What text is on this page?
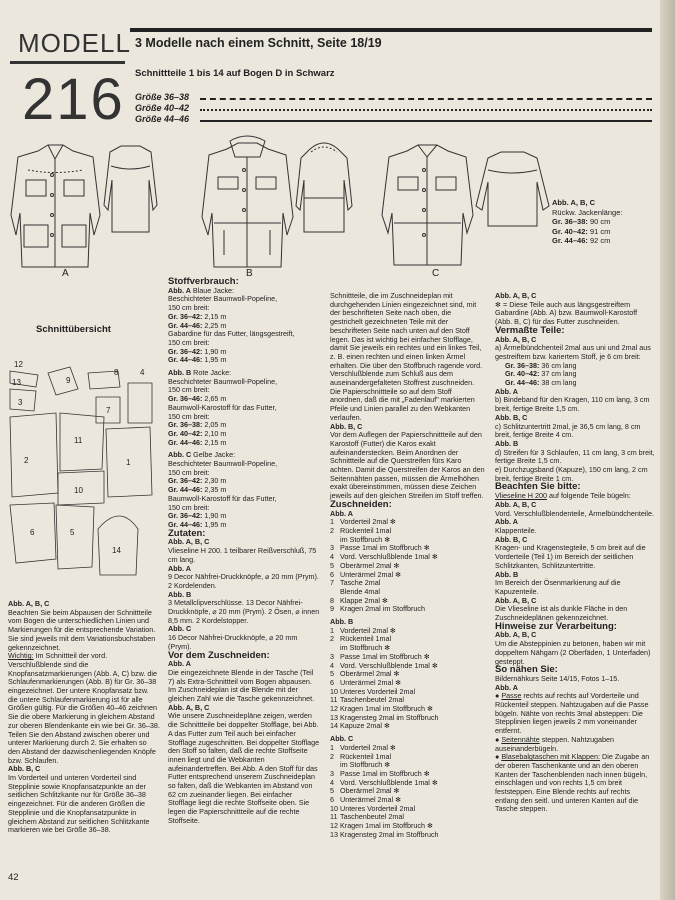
MODELL
216
3 Modelle nach einem Schnitt, Seite 18/19
Schnittteile 1 bis 14 auf Bogen D in Schwarz
Größe 36–38
Größe 40–42
Größe 44–46
A	B	C
Abb. A, B, C
Rückw. Jackenlänge:
Gr. 36–38: 90 cm
Gr. 40–42: 91 cm
Gr. 44–46: 92 cm
Schnittübersicht
12
13
3
9
8	4
7
11
2	1
10
6	5
14

Abb. A, B, C

Beachten Sie beim Abpausen der Schnittteile vom Bogen die unterschiedlichen Linien und Markierungen für die entsprechende Variation. Sie sind jeweils mit dem Variationsbuchstaben gekennzeichnet.

Wichtig: Im Schnittteil der vord. Verschlußblende sind die Knopfansatzmarkierungen (Abb. A, C) bzw. die Schlaufenmarkierungen (Abb. B) für Gr. 36–38 eingezeichnet. Der untere Knopfansatz bzw. die untere Schlaufenmarkierung ist für alle Größen gültig. Für die Größen 40–46 zeichnen Sie die obere Markierung in gleichem Abstand zur oberen Blendenkante ein wie bei Gr. 36–38. Teilen Sie den Abstand zwischen oberer und unterer Markierung durch 2. Sie erhalten so den Abstand der dazwischenliegenden Knöpfe bzw. Schlaufen.

Abb. B, C

Im Vorderteil und unteren Vorderteil sind Stepplinie sowie Knopfansatzpunkte an der seitlichen Schlitzkante nur für Größe 36–38 eingezeichnet. Für die anderen Größen die Stepplinie und die Knopfansatzpunkte in gleichem Abstand zur seitlichen Schlitzkante markieren wie bei Größe 36–38.

Stoffverbrauch:

Abb. A Blaue Jacke:

Beschichteter Baumwoll-Popeline,

150 cm breit:

Gr. 36–42: 2,15 m

Gr. 44–46: 2,25 m

Gabardine für das Futter, längsgestreift,

150 cm breit:

Gr. 36–42: 1,90 m

Gr. 44–46: 1,95 m

Abb. B Rote Jacke:

Beschichteter Baumwoll-Popeline,

150 cm breit:

Gr. 36–46: 2,65 m

Baumwoll-Karostoff für das Futter,

150 cm breit:

Gr. 36–38: 2,05 m

Gr. 40–42: 2,10 m

Gr. 44–46: 2,15 m

Abb. C Gelbe Jacke:

Beschichteter Baumwoll-Popeline,

150 cm breit:

Gr. 36–42: 2,30 m

Gr. 44–46: 2,35 m

Baumwoll-Karostoff für das Futter,

150 cm breit:

Gr. 36–42: 1,90 m

Gr. 44–46: 1,95 m

Zutaten:

Abb. A, B, C

Vlieseline H 200. 1 teilbarer Reißverschluß, 75 cm lang.

Abb. A

9 Decor Nähfrei-Druckknöpfe, ⌀ 20 mm (Prym). 2 Kordelenden.

Abb. B

3 Metallclipverschlüsse. 13 Decor Nähfrei-Druckknöpfe, ⌀ 20 mm (Prym). 2 Ösen, ⌀ innen 8,5 mm. 2 Kordelstopper.

Abb. C

16 Decor Nähfrei-Druckknöpfe, ⌀ 20 mm (Prym).

Vor dem Zuschneiden:

Abb. A

Die eingezeichnete Blende in der Tasche (Teil 7) als Extra-Schnittteil vom Bogen abpausen. Im Zuschneideplan ist die Blende mit der gleichen Zahl wie die Tasche gekennzeichnet.

Abb. A, B, C

Wie unsere Zuschneidepläne zeigen, werden die Schnittteile bei doppelter Stofflage, bei Abb. A das Futter zum Teil auch bei einfacher Stofflage zugeschnitten. Bei doppelter Stofflage den Stoff so falten, daß die rechte Stoffseite innen liegt und die Webkanten aufeinandertreffen. Bei Abb. A den Stoff für das Futter entsprechend unserem Zuschneideplan so falten, daß die Webkanten im Abstand von 62 cm zueinander liegen. Bei einfacher Stofflage liegt die rechte Stoffseite oben. Sie legen die Papierschnittteile auf die rechte Stoffseite.

Schnittteile, die im Zuschneideplan mit durchgehenden Linien eingezeichnet sind, mit der beschrifteten Seite nach oben, die gestrichelt gezeichneten Teile mit der beschrifteten Seite nach unten auf den Stoff legen. Das ist wichtig bei einfacher Stofflage, damit Sie jeweils ein rechtes und ein linkes Teil, z. B. einen rechten und einen linken Ärmel erhalten. Die über den Stoffbruch ragende vord. Verschlußblende zum Schluß aus dem auseinandergefalteten Stoffrest zuschneiden. Die Papierschnittteile so auf dem Stoff anordnen, daß die mit „Fadenlauf" markierten Pfeile und Linien parallel zu den Webkanten verlaufen.

Abb. B, C

Vor dem Auflegen der Papierschnittteile auf den Karostoff (Futter) die Karos exakt aufeinanderstecken. Beim Anordnen der Schnittteile auf die Querstreifen fürs Karo achten. Damit die Querstreifen der Karos an den Seitennähten passen, müssen die Ärmelhöhen exakt übereinstimmen, müssen diese Zeichen jeweils auf den gleichen Streifen im Stoff treffen.

Zuschneiden:

Abb. A

1 Vorderteil 2mal ✻
2 Rückenteil 1mal
im Stoffbruch ✻
3 Passe 1mal im Stoffbruch ✻
4 Vord. Verschlußblende 1mal ✻
5 Oberärmel 2mal ✻
6 Unterärmel 2mal ✻
7 Tasche 2mal
Blende 4mal
8 Klappe 2mal ✻
9 Kragen 2mal im Stoffbruch

Abb. B

1 Vorderteil 2mal ✻
2 Rückenteil 1mal
im Stoffbruch ✻
3 Passe 1mal im Stoffbruch ✻
4 Vord. Verschlußblende 1mal ✻
5 Oberärmel 2mal ✻
6 Unterärmel 2mal ✻
10 Unteres Vorderteil 2mal
11 Taschenbeutel 2mal
12 Kragen 1mal im Stoffbruch ✻
13 Kragensteg 2mal im Stoffbruch
14 Kapuze 2mal ✻

Abb. C

1 Vorderteil 2mal ✻
2 Rückenteil 1mal
im Stoffbruch ✻
3 Passe 1mal im Stoffbruch ✻
4 Vord. Verschlußblende 1mal ✻
5 Oberärmel 2mal ✻
6 Unterärmel 2mal ✻
10 Unteres Vorderteil 2mal
11 Taschenbeutel 2mal
12 Kragen 1mal im Stoffbruch ✻
13 Kragensteg 2mal im Stoffbruch

Abb. A, B, C

✻ = Diese Teile auch aus längsgestreiftem Gabardine (Abb. A) bzw. Baumwoll-Karostoff (Abb. B, C) für das Futter zuschneiden.

Vermaßte Teile:

Abb. A, B, C

a) Ärmelbündchenteil 2mal aus uni und 2mal aus gestreiftem bzw. kariertem Stoff, je 6 cm breit:

Gr. 36–38: 36 cm lang

Gr. 40–42: 37 cm lang

Gr. 44–46: 38 cm lang

Abb. A

b) Bindeband für den Kragen, 110 cm lang, 3 cm breit, fertige Breite 1,5 cm.

Abb. B, C

c) Schlitzuntertritt 2mal, je 36,5 cm lang, 8 cm breit, fertige Breite 4 cm.

Abb. B

d) Streifen für 3 Schlaufen, 11 cm lang, 3 cm breit, fertige Breite 1,5 cm.

e) Durchzugsband (Kapuze), 150 cm lang, 2 cm breit, fertige Breite 1 cm.

Beachten Sie bitte:

Vlieseline H 200 auf folgende Teile bügeln:

Abb. A, B, C

Vord. Verschlußblendenteile, Ärmelbündchenteile.

Abb. A

Klappenteile.

Abb. B, C

Kragen- und Kragenstegteile, 5 cm breit auf die Vorderteile (Teil 1) im Bereich der seitlichen Schlitzkanten, Schlitzuntertritte.

Abb. B

Im Bereich der Ösenmarkierung auf die Kapuzenteile.

Abb. A, B, C

Die Vlieseline ist als dunkle Fläche in den Zuschneideplänen gekennzeichnet.

Hinweise zur Verarbeitung:

Abb. A, B, C

Um die Absteppinien zu betonen, haben wir mit doppeltem Nähgarn (2 Oberfäden, 1 Unterfaden) gesteppt.

So nähen Sie:

Bildernähkurs Seite 14/15, Fotos 1–15.

Abb. A

● Passe rechts auf rechts auf Vorderteile und Rückenteil steppen. Nahtzugaben auf die Passe bügeln. Nähte von rechts 3mal absteppen: Die Stepplinien liegen jeweils 2 mm voneinander entfernt.

● Seitennähte steppen. Nahtzugaben auseinanderbügeln.

● Blasebalgtaschen mit Klappen: Die Zugabe an der oberen Taschenkante und an den oberen Kanten der Taschenblenden nach innen bügeln, einschlagen und von rechts 1,5 cm breit feststeppen. Eine Blende rechts auf rechts entlang den seitl. und unteren Kanten auf die Tasche steppen.

42
